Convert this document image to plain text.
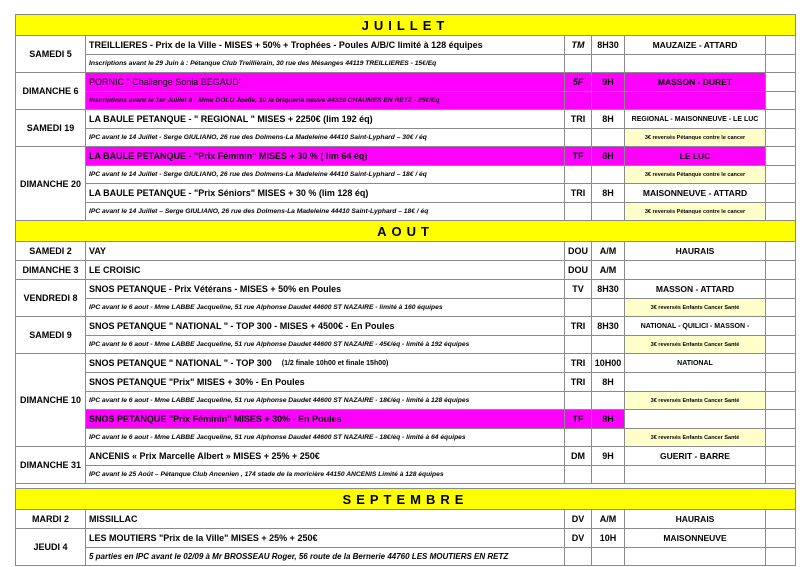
JUILLET
SAMEDI 5
TREILLIERES - Prix de la Ville - MISES + 50% + Trophées - Poules A/B/C limité à 128 équipes	TM	8H30	MAUZAIZE - ATTARD
Inscriptions avant le 29 Juin à : Pétanque Club Treillièrain, 30 rue des Mésanges 44119 TREILLIERES - 15€/Eq
DIMANCHE 6
PORNIC " Challenge Sonia BEGAUD"	5F	9H	MASSON - DURET
Inscriptions avant le 1er Juillet à : Mme DOLU Joelle, 10 la briquerie neuve 44320 CHAUMES EN RETZ - 25€/Eq
SAMEDI 19
LA BAULE PETANQUE - " REGIONAL " MISES + 2250€ (lim 192 éq)	TRI	8H	REGIONAL - MAISONNEUVE - LE LUC
IPC avant le 14 Juillet - Serge GIULIANO, 26 rue des Dolmens-La Madeleine 44410 Saint-Lyphard – 30€ / éq	3€ reversés Pétanque contre le cancer
DIMANCHE 20
LA BAULE PETANQUE - "Prix Féminin" MISES + 30 % ( lim 64 éq)	TF	8H	LE LUC
IPC avant le 14 Juillet - Serge GIULIANO, 26 rue des Dolmens-La Madeleine 44410 Saint-Lyphard – 18€ / éq	3€ reversés Pétanque contre le cancer
LA BAULE PETANQUE - "Prix Séniors" MISES + 30 % (lim 128 éq)	TRI	8H	MAISONNEUVE - ATTARD
IPC avant le 14 Juillet – Serge GIULIANO, 26 rue des Dolmens-La Madeleine 44410 Saint-Lyphard – 18€ / éq	3€ reversés Pétanque contre le cancer
AOUT
SAMEDI 2	VAY	DOU	A/M	HAURAIS
DIMANCHE 3	LE CROISIC	DOU	A/M
VENDREDI 8
SNOS PETANQUE - Prix Vétérans - MISES + 50% en Poules	TV	8H30	MASSON - ATTARD
IPC avant le 6 aout - Mme LABBE Jacqueline, 51 rue Alphonse Daudet 44600 ST NAZAIRE - limité à 160 équipes	3€ reversés Enfants Cancer Santé
SAMEDI 9
SNOS PETANQUE " NATIONAL " - TOP 300 - MISES + 4500€ - En Poules	TRI	8H30	NATIONAL - QUILICI - MASSON -
IPC avant le 6 aout - Mme LABBE Jacqueline, 51 rue Alphonse Daudet 44600 ST NAZAIRE - 45€/éq - limité à 192 équipes	3€ reversés Enfants Cancer Santé
DIMANCHE 10
SNOS PETANQUE " NATIONAL " - TOP 300 (1/2 finale 10h00 et finale 15h00)	TRI	10H00	NATIONAL
SNOS PETANQUE "Prix" MISES + 30% - En Poules	TRI	8H
IPC avant le 6 aout - Mme LABBE Jacqueline, 51 rue Alphonse Daudet 44600 ST NAZAIRE - 18€/éq - limité à 128 équipes	3€ reversés Enfants Cancer Santé
SNOS PETANQUE "Prix Féminin" MISES + 30% - En Poules	TF	8H
IPC avant le 6 aout - Mme LABBE Jacqueline, 51 rue Alphonse Daudet 44600 ST NAZAIRE - 18€/éq - limité à 64 équipes	3€ reversés Enfants Cancer Santé
DIMANCHE 31
ANCENIS « Prix Marcelle Albert » MISES + 25% + 250€	DM	9H	GUERIT - BARRE
IPC avant le 25 Août – Pétanque Club Ancenien , 174 stade de la moricière 44150 ANCENIS Limité à 128 équipes
SEPTEMBRE
MARDI 2	MISSILLAC	DV	A/M	HAURAIS
JEUDI 4
LES MOUTIERS "Prix de la Ville" MISES + 25% + 250€	DV	10H	MAISONNEUVE
5 parties en IPC avant le 02/09 à Mr BROSSEAU Roger, 56 route de la Bernerie 44760 LES MOUTIERS EN RETZ
